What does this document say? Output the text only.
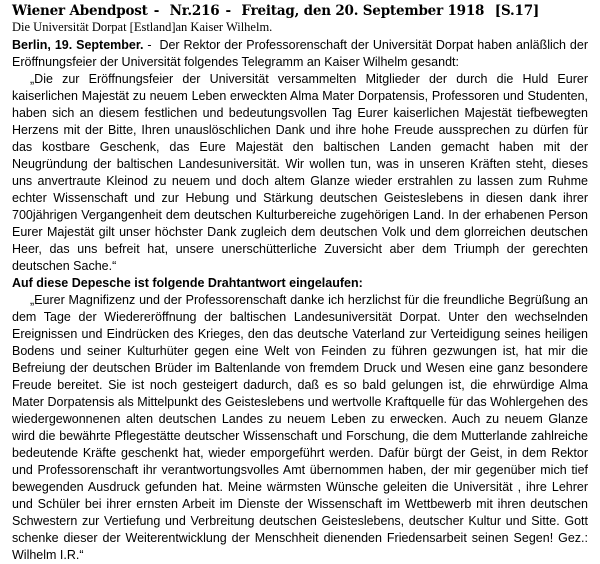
Wiener Abendpost - Nr.216 - Freitag, den 20. September 1918 [S.17]
Die Universität Dorpat [Estland]an Kaiser Wilhelm.

Berlin, 19. September. -  Der Rektor der Professorenschaft der Universität Dorpat haben anläßlich der Eröffnungsfeier der Universität folgendes Telegramm an Kaiser Wilhelm gesandt:

„Die zur Eröffnungsfeier der Universität versammelten Mitglieder der durch die Huld Eurer kaiserlichen Majestät zu neuem Leben erweckten Alma Mater Dorpatensis, Professoren und Studenten, haben sich an diesem festlichen und bedeutungsvollen Tag Eurer kaiserlichen Majestät tiefbewegten Herzens mit der Bitte, Ihren unauslöschlichen Dank und ihre hohe Freude aussprechen zu dürfen für das kostbare Geschenk, das Eure Majestät den baltischen Landen gemacht haben mit der Neugründung der baltischen Landesuniversität. Wir wollen tun, was in unseren Kräften steht, dieses uns anvertraute Kleinod zu neuem und doch altem Glanze wieder erstrahlen zu lassen zum Ruhme echter Wissenschaft und zur Hebung und Stärkung deutschen Geisteslebens in diesen dank ihrer 700jährigen Vergangenheit dem deutschen Kulturbereiche zugehörigen Land. In der erhabenen Person Eurer Majestät gilt unser höchster Dank zugleich dem deutschen Volk und dem glorreichen deutschen Heer, das uns befreit hat, unsere unerschütterliche Zuversicht aber dem Triumph der gerechten deutschen Sache.“

Auf diese Depesche ist folgende Drahtantwort eingelaufen:

„Eurer Magnifizenz und der Professorenschaft danke ich herzlichst für die freundliche Begrüßung an dem Tage der Wiedereröffnung der baltischen Landesuniversität Dorpat. Unter den wechselnden Ereignissen und Eindrücken des Krieges, den das deutsche Vaterland zur Verteidigung seines heiligen Bodens und seiner Kulturhüter gegen eine Welt von Feinden zu führen gezwungen ist, hat mir die Befreiung der deutschen Brüder im Baltenlande von fremdem Druck und Wesen eine ganz besondere Freude bereitet. Sie ist noch gesteigert dadurch, daß es so bald gelungen ist, die ehrwürdige Alma Mater Dorpatensis als Mittelpunkt des Geisteslebens und wertvolle Kraftquelle für das Wohlergehen des wiedergewonnenen alten deutschen Landes zu neuem Leben zu erwecken. Auch zu neuem Glanze wird die bewährte Pflegestätte deutscher Wissenschaft und Forschung, die dem Mutterlande zahlreiche bedeutende Kräfte geschenkt hat, wieder emporgeführt werden. Dafür bürgt der Geist, in dem Rektor und Professorenschaft ihr verantwortungsvolles Amt übernommen haben, der mir gegenüber mich tief bewegenden Ausdruck gefunden hat. Meine wärmsten Wünsche geleiten die Universität , ihre Lehrer und Schüler bei ihrer ernsten Arbeit im Dienste der Wissenschaft im Wettbewerb mit ihren deutschen Schwestern zur Vertiefung und Verbreitung deutschen Geisteslebens, deutscher Kultur und Sitte. Gott schenke dieser der Weiterentwicklung der Menschheit dienenden Friedensarbeit seinen Segen! Gez.: Wilhelm I.R.“
